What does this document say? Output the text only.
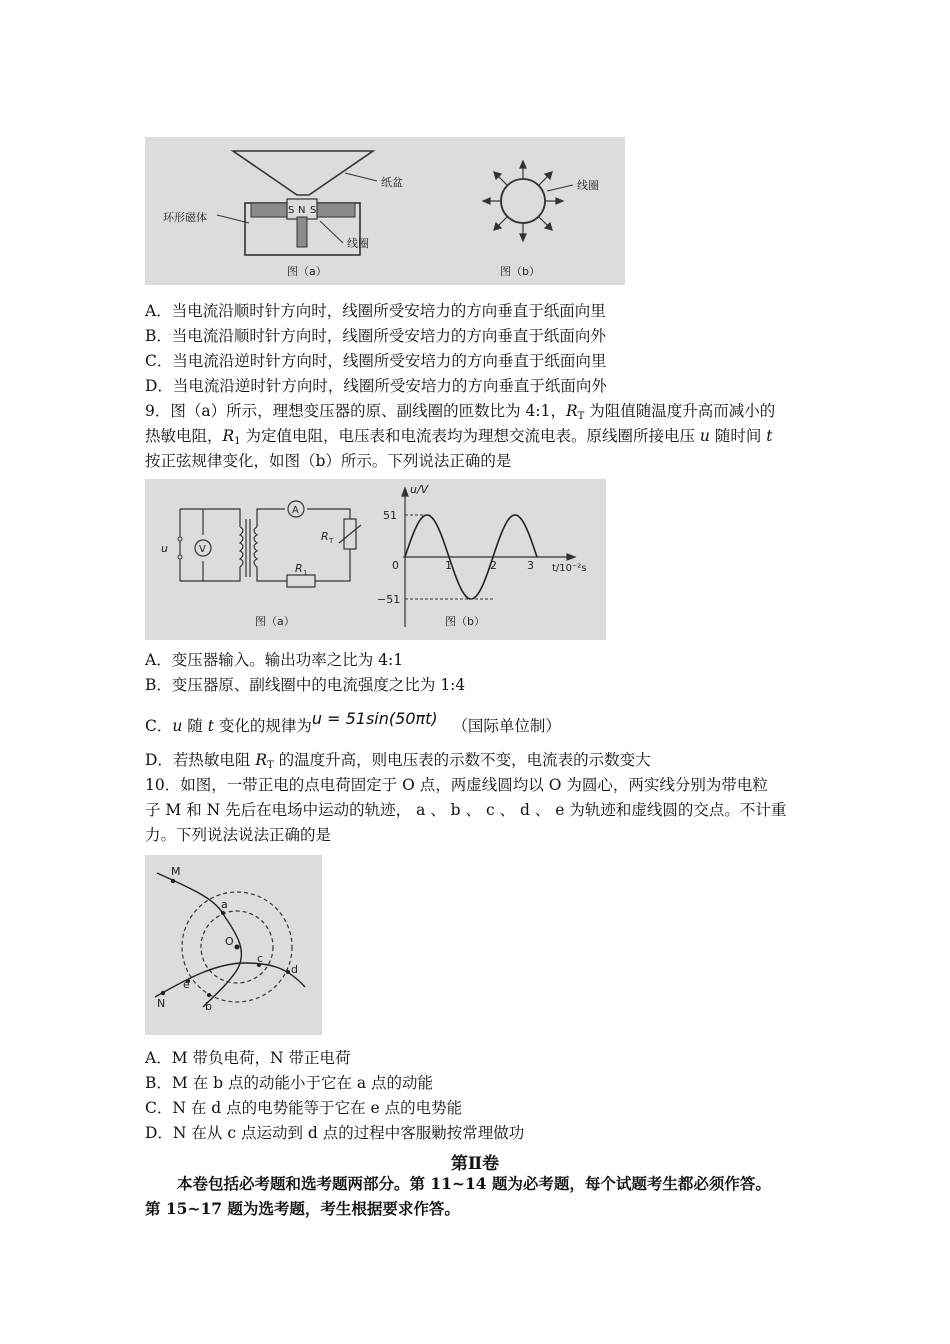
S N S
纸盆
环形磁体
线圈
图（a）
线圈
图（b）
A．当电流沿顺时针方向时，线圈所受安培力的方向垂直于纸面向里
B．当电流沿顺时针方向时，线圈所受安培力的方向垂直于纸面向外
C．当电流沿逆时针方向时，线圈所受安培力的方向垂直于纸面向里
D．当电流沿逆时针方向时，线圈所受安培力的方向垂直于纸面向外
9．图（a）所示，理想变压器的原、副线圈的匝数比为 4:1，$R_T$ 为阻值随温度升高而减小的
热敏电阻，$R_1$ 为定值电阻，电压表和电流表均为理想交流电表。原线圈所接电压 u 随时间 t
按正弦规律变化，如图（b）所示。下列说法正确的是
V
A
u
R T
R 1
图（a）
u/V
t/10⁻²s
0
51
−51
1	2	3
图（b）
A．变压器输入。输出功率之比为 4:1
B．变压器原、副线圈中的电流强度之比为 1:4
C．u 随 t 变化的规律为u = 51sin(50πt) （国际单位制）
D．若热敏电阻 $R_T$ 的温度升高，则电压表的示数不变，电流表的示数变大
10．如图，一带正电的点电荷固定于 O 点，两虚线圆均以 O 为圆心，两实线分别为带电粒
子 M 和 N 先后在电场中运动的轨迹， a 、 b 、 c 、 d 、 e 为轨迹和虚线圆的交点。不计重
力。下列说法说法正确的是
M
N
O
a
b
c
d
e
A．M 带负电荷，N 带正电荷
B．M 在 b 点的动能小于它在 a 点的动能
C．N 在 d 点的电势能等于它在 e 点的电势能
D．N 在从 c 点运动到 d 点的过程中客服勦按常理做功
第Ⅱ卷
本卷包括必考题和选考题两部分。第 11~14 题为必考题，每个试题考生都必须作答。
第 15~17 题为选考题，考生根据要求作答。
